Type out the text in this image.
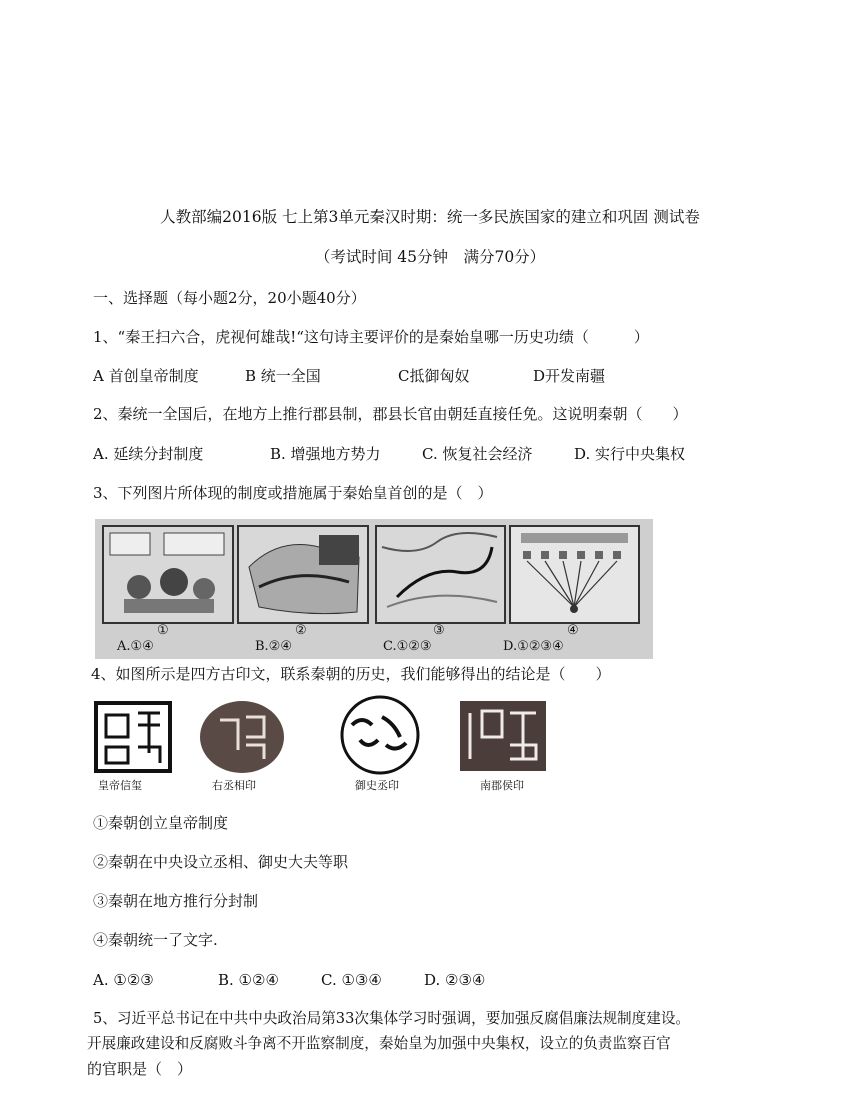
人教部编2016版 七上第3单元秦汉时期：统一多民族国家的建立和巩固 测试卷
（考试时间 45分钟　满分70分）
一、选择题（每小题2分，20小题40分）
1、“秦王扫六合，虎视何雄哉!“这句诗主要评价的是秦始皇哪一历史功绩（　　　）
A 首创皇帝制度	B 统一全国	C抵御匈奴	D开发南疆
2、秦统一全国后，在地方上推行郡县制，郡县长官由朝廷直接任免。这说明秦朝（　　）
A. 延续分封制度	B. 增强地方势力	C. 恢复社会经济	D. 实行中央集权
3、下列图片所体现的制度或措施属于秦始皇首创的是（　）
①	②	③	④
A.①④	B.②④	C.①②③	D.①②③④
4、如图所示是四方古印文，联系秦朝的历史，我们能够得出的结论是（　　）
皇帝信玺	右丞相印	御史丞印	南郡侯印
①秦朝创立皇帝制度
②秦朝在中央设立丞相、御史大夫等职
③秦朝在地方推行分封制
④秦朝统一了文字.
A. ①②③	B. ①②④	C. ①③④	D. ②③④
5、习近平总书记在中共中央政治局第33次集体学习时强调，要加强反腐倡廉法规制度建设。
开展廉政建设和反腐败斗争离不开监察制度，秦始皇为加强中央集权，设立的负责监察百官
的官职是（　）
